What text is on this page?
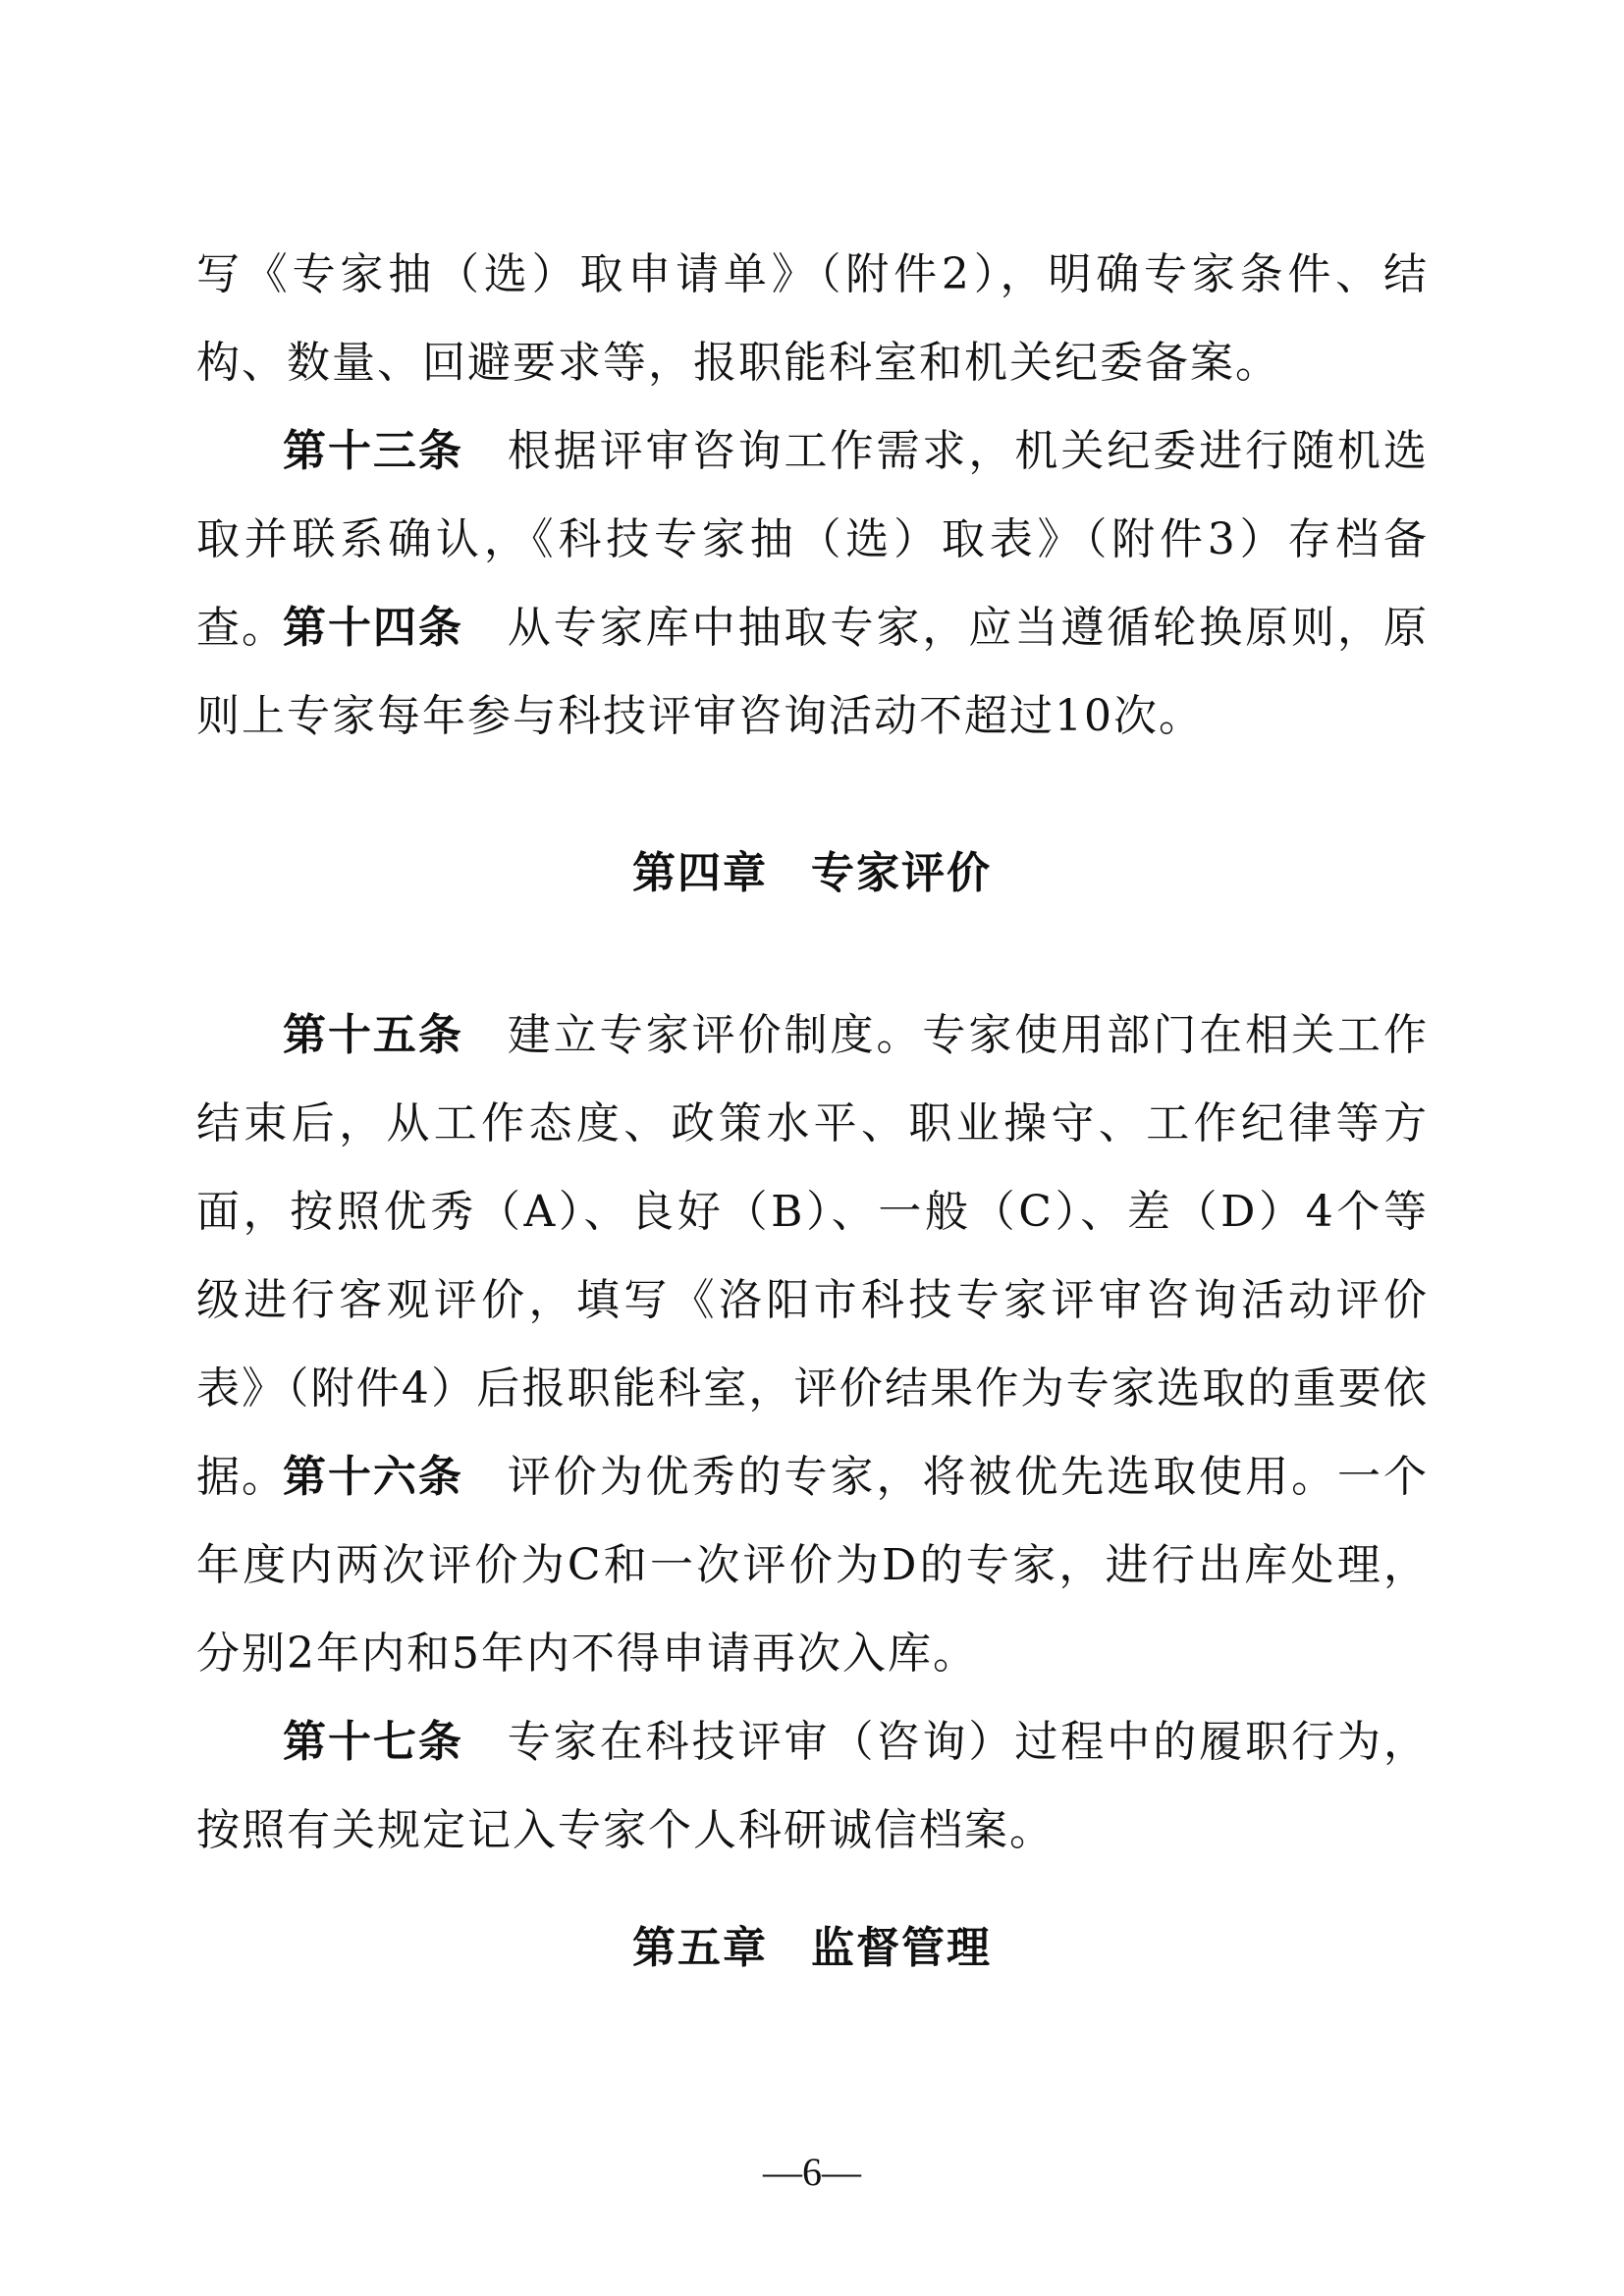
写《专家抽（选）取申请单》（附件2），明确专家条件、结构、数量、回避要求等，报职能科室和机关纪委备案。

第十三条 根据评审咨询工作需求，机关纪委进行随机选取并联系确认，《科技专家抽（选）取表》（附件3）存档备查。

第十四条 从专家库中抽取专家，应当遵循轮换原则，原则上专家每年参与科技评审咨询活动不超过10次。

第四章 专家评价

第十五条 建立专家评价制度。专家使用部门在相关工作结束后，从工作态度、政策水平、职业操守、工作纪律等方面，按照优秀（A）、良好（B）、一般（C）、差（D）4个等级进行客观评价，填写《洛阳市科技专家评审咨询活动评价表》（附件4）后报职能科室，评价结果作为专家选取的重要依据。

第十六条 评价为优秀的专家，将被优先选取使用。一个年度内两次评价为C和一次评价为D的专家，进行出库处理，分别2年内和5年内不得申请再次入库。

第十七条 专家在科技评审（咨询）过程中的履职行为，按照有关规定记入专家个人科研诚信档案。

第五章 监督管理
—6—
